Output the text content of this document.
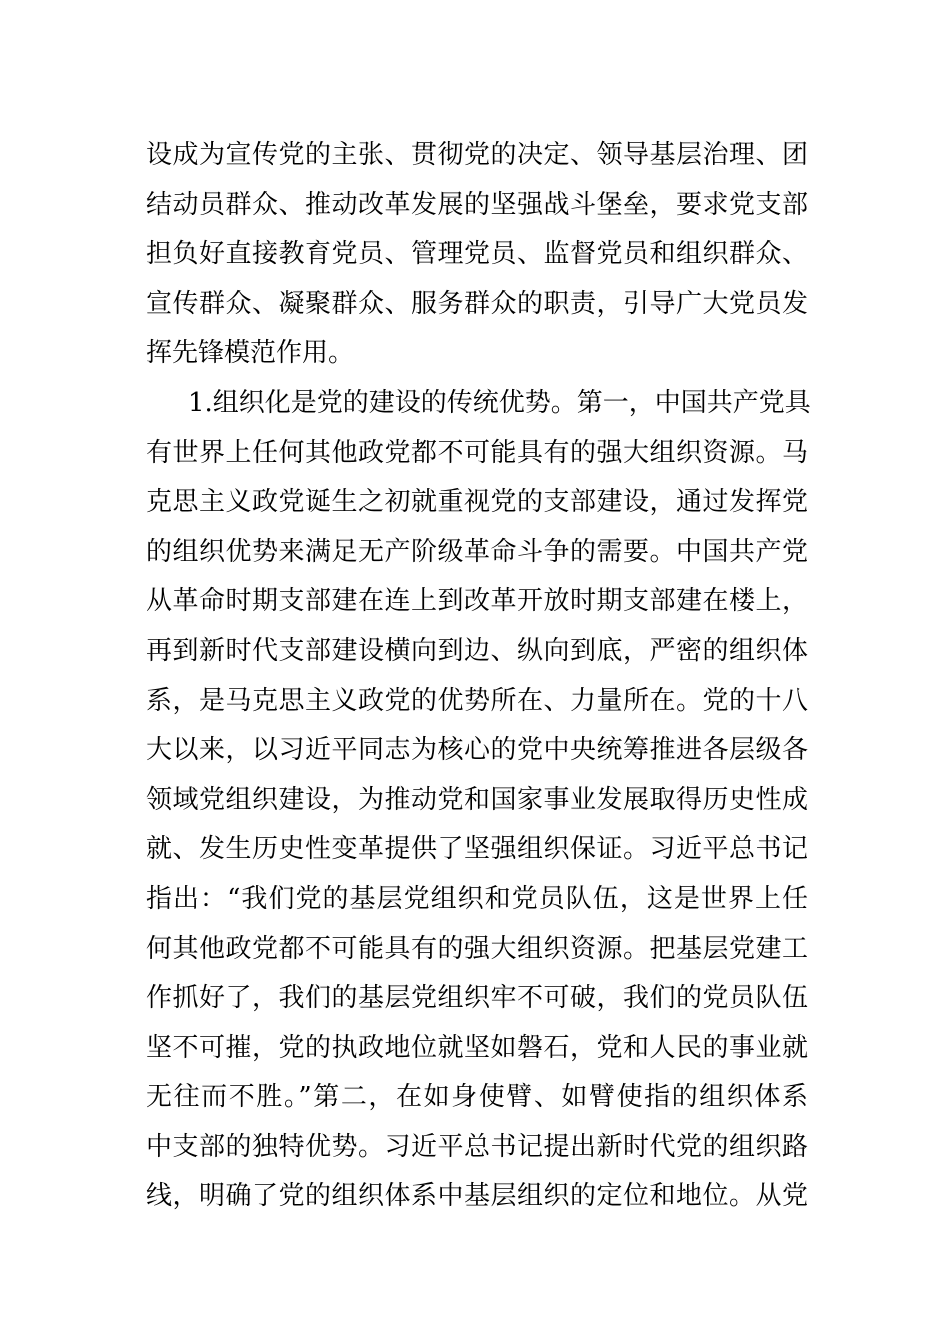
设成为宣传党的主张、贯彻党的决定、领导基层治理、团
结动员群众、推动改革发展的坚强战斗堡垒，要求党支部
担负好直接教育党员、管理党员、监督党员和组织群众、
宣传群众、凝聚群众、服务群众的职责，引导广大党员发
挥先锋模范作用。
1.组织化是党的建设的传统优势。第一，中国共产党具
有世界上任何其他政党都不可能具有的强大组织资源。马
克思主义政党诞生之初就重视党的支部建设，通过发挥党
的组织优势来满足无产阶级革命斗争的需要。中国共产党
从革命时期支部建在连上到改革开放时期支部建在楼上，
再到新时代支部建设横向到边、纵向到底，严密的组织体
系，是马克思主义政党的优势所在、力量所在。党的十八
大以来，以习近平同志为核心的党中央统筹推进各层级各
领域党组织建设，为推动党和国家事业发展取得历史性成
就、发生历史性变革提供了坚强组织保证。习近平总书记
指出：“我们党的基层党组织和党员队伍，这是世界上任
何其他政党都不可能具有的强大组织资源。把基层党建工
作抓好了，我们的基层党组织牢不可破，我们的党员队伍
坚不可摧，党的执政地位就坚如磐石，党和人民的事业就
无往而不胜。”第二，在如身使臂、如臂使指的组织体系
中支部的独特优势。习近平总书记提出新时代党的组织路
线，明确了党的组织体系中基层组织的定位和地位。从党
